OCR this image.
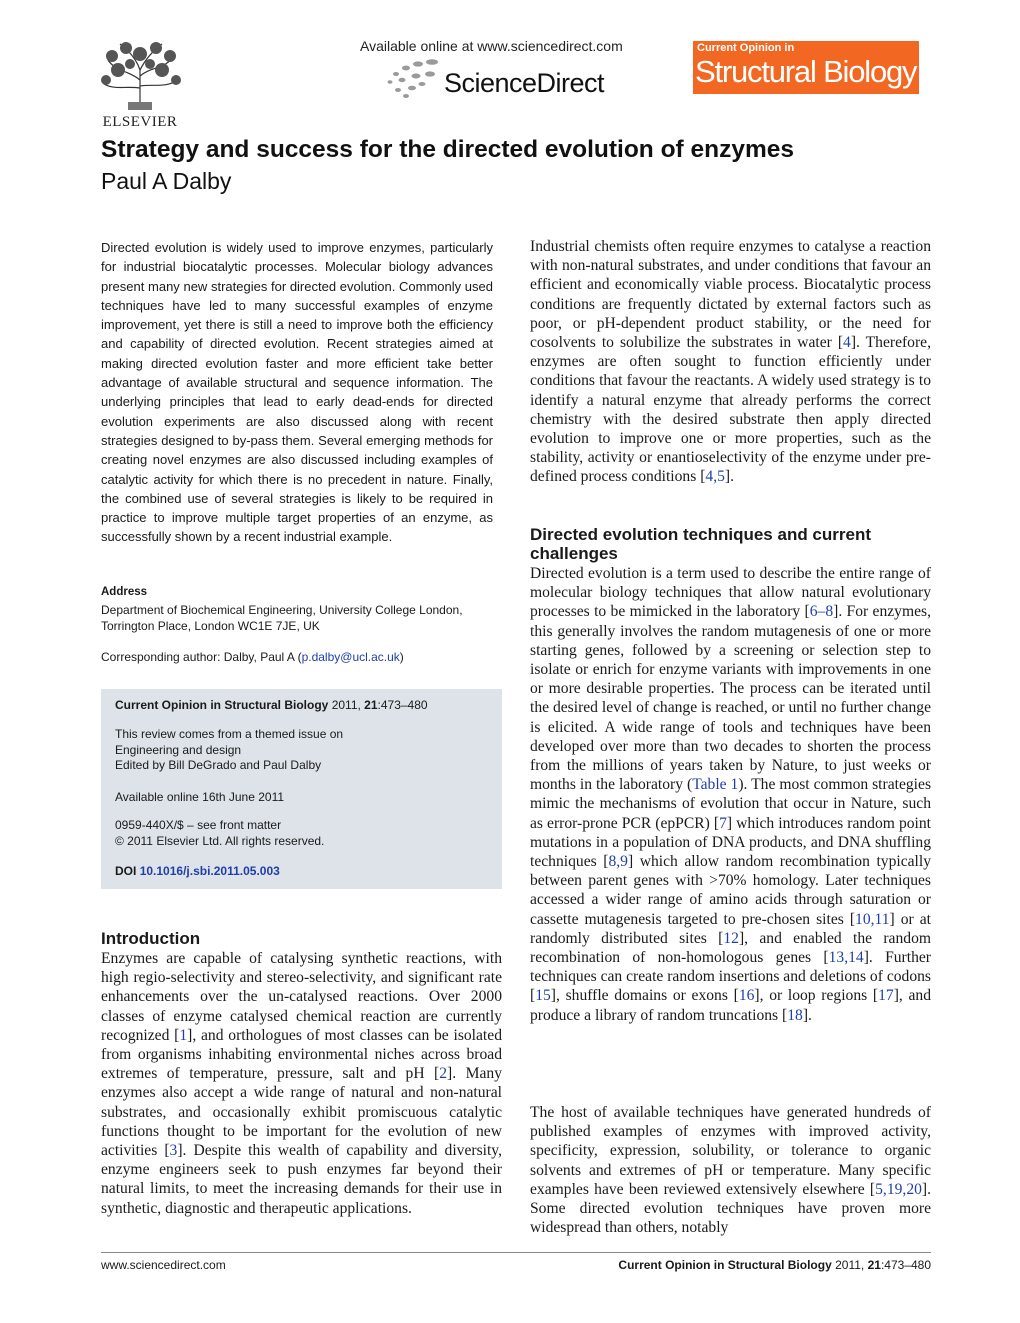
ELSEVIER
Available online at www.sciencedirect.com
ScienceDirect
Current Opinion in
Structural Biology
Strategy and success for the directed evolution of enzymes
Paul A Dalby
Directed evolution is widely used to improve enzymes, particularly for industrial biocatalytic processes. Molecular biology advances present many new strategies for directed evolution. Commonly used techniques have led to many successful examples of enzyme improvement, yet there is still a need to improve both the efficiency and capability of directed evolution. Recent strategies aimed at making directed evolution faster and more efficient take better advantage of available structural and sequence information. The underlying principles that lead to early dead-ends for directed evolution experiments are also discussed along with recent strategies designed to by-pass them. Several emerging methods for creating novel enzymes are also discussed including examples of catalytic activity for which there is no precedent in nature. Finally, the combined use of several strategies is likely to be required in practice to improve multiple target properties of an enzyme, as successfully shown by a recent industrial example.
Address
Department of Biochemical Engineering, University College London,
Torrington Place, London WC1E 7JE, UK
Corresponding author: Dalby, Paul A (p.dalby@ucl.ac.uk)
Current Opinion in Structural Biology 2011, 21:473–480
This review comes from a themed issue on
Engineering and design
Edited by Bill DeGrado and Paul Dalby
Available online 16th June 2011
0959-440X/$ – see front matter
© 2011 Elsevier Ltd. All rights reserved.
DOI 10.1016/j.sbi.2011.05.003
Introduction
Enzymes are capable of catalysing synthetic reactions, with high regio-selectivity and stereo-selectivity, and significant rate enhancements over the un-catalysed reactions. Over 2000 classes of enzyme catalysed chemical reaction are currently recognized [1], and orthologues of most classes can be isolated from organisms inhabiting environmental niches across broad extremes of temperature, pressure, salt and pH [2]. Many enzymes also accept a wide range of natural and non-natural substrates, and occasionally exhibit promiscuous catalytic functions thought to be important for the evolution of new activities [3]. Despite this wealth of capability and diversity, enzyme engineers seek to push enzymes far beyond their natural limits, to meet the increasing demands for their use in synthetic, diagnostic and therapeutic applications.
Industrial chemists often require enzymes to catalyse a reaction with non-natural substrates, and under conditions that favour an efficient and economically viable process. Biocatalytic process conditions are frequently dictated by external factors such as poor, or pH-dependent product stability, or the need for cosolvents to solubilize the substrates in water [4]. Therefore, enzymes are often sought to function efficiently under conditions that favour the reactants. A widely used strategy is to identify a natural enzyme that already performs the correct chemistry with the desired substrate then apply directed evolution to improve one or more properties, such as the stability, activity or enantioselectivity of the enzyme under pre-defined process conditions [4,5].
Directed evolution techniques and current challenges
Directed evolution is a term used to describe the entire range of molecular biology techniques that allow natural evolutionary processes to be mimicked in the laboratory [6–8]. For enzymes, this generally involves the random mutagenesis of one or more starting genes, followed by a screening or selection step to isolate or enrich for enzyme variants with improvements in one or more desirable properties. The process can be iterated until the desired level of change is reached, or until no further change is elicited. A wide range of tools and techniques have been developed over more than two decades to shorten the process from the millions of years taken by Nature, to just weeks or months in the laboratory (Table 1). The most common strategies mimic the mechanisms of evolution that occur in Nature, such as error-prone PCR (epPCR) [7] which introduces random point mutations in a population of DNA products, and DNA shuffling techniques [8,9] which allow random recombination typically between parent genes with >70% homology. Later techniques accessed a wider range of amino acids through saturation or cassette mutagenesis targeted to pre-chosen sites [10,11] or at randomly distributed sites [12], and enabled the random recombination of non-homologous genes [13,14]. Further techniques can create random insertions and deletions of codons [15], shuffle domains or exons [16], or loop regions [17], and produce a library of random truncations [18].
The host of available techniques have generated hundreds of published examples of enzymes with improved activity, specificity, expression, solubility, or tolerance to organic solvents and extremes of pH or temperature. Many specific examples have been reviewed extensively elsewhere [5,19,20]. Some directed evolution techniques have proven more widespread than others, notably
www.sciencedirect.com	Current Opinion in Structural Biology 2011, 21:473–480
